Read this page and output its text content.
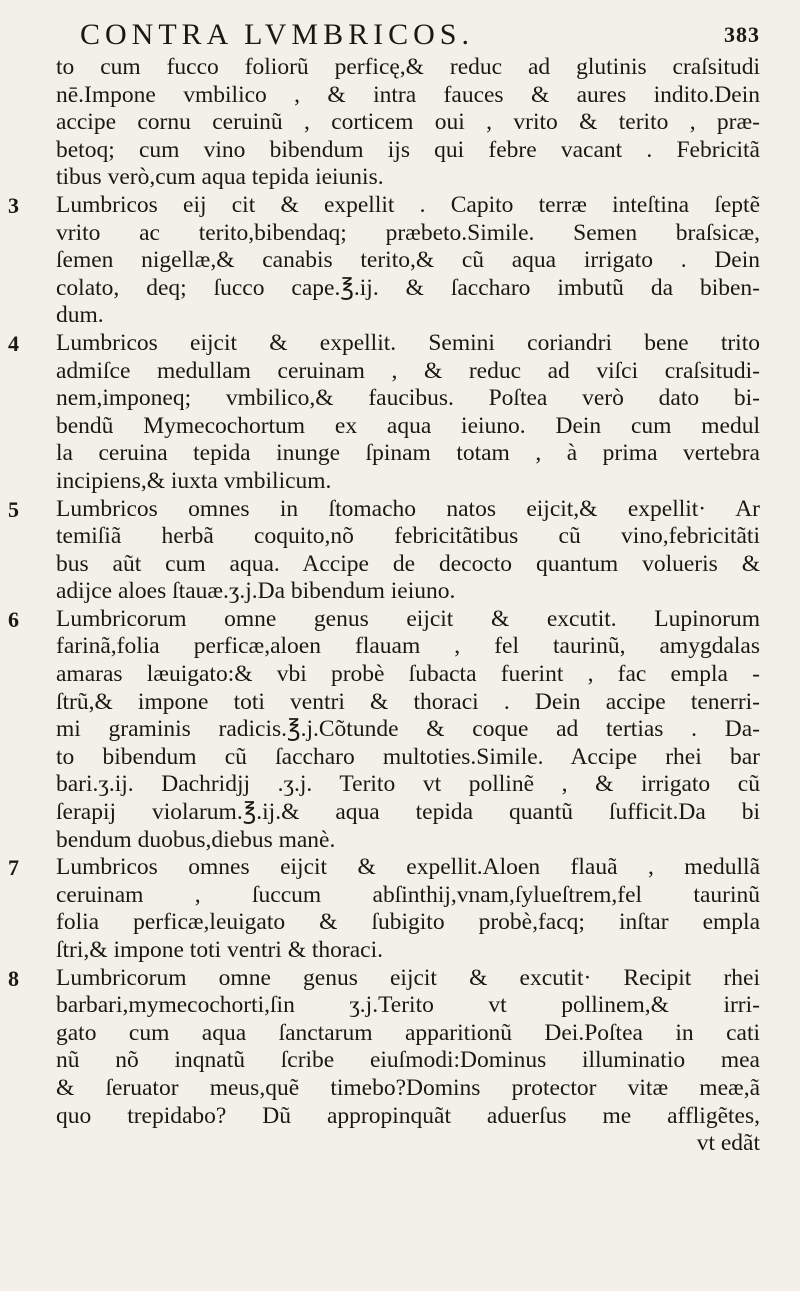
CONTRA LVMBRICOS.	383
to cum fucco foliorũ perficę,& reduc ad glutinis craſsitudi
nē.Impone vmbilico , & intra fauces & aures indito.Dein
accipe cornu ceruinũ , corticem oui , vrito & terito , præ-
betoq; cum vino bibendum ijs qui febre vacant . Febricitã
tibus verò,cum aqua tepida ieiunis.
3	Lumbricos eij cit & expellit . Capito terræ inteſtina ſeptẽ
vrito ac terito,bibendaq; præbeto.Simile. Semen braſsicæ,
ſemen nigellæ,& canabis terito,& cũ aqua irrigato . Dein
colato, deq; ſucco cape.℥.ij. & ſaccharo imbutũ da biben-
dum.
4	Lumbricos eijcit & expellit. Semini coriandri bene trito
admiſce medullam ceruinam , & reduc ad viſci craſsitudi-
nem,imponeq; vmbilico,& faucibus. Poſtea verò dato bi-
bendũ Mymecochortum ex aqua ieiuno. Dein cum medul
la ceruina tepida inunge ſpinam totam , à prima vertebra
incipiens,& iuxta vmbilicum.
5	Lumbricos omnes in ſtomacho natos eijcit,& expellit· Ar
temiſiã herbã coquito,nõ febricitãtibus cũ vino,febricitãti
bus aũt cum aqua. Accipe de decocto quantum volueris &
adijce aloes ſtauæ.ʒ.j.Da bibendum ieiuno.
6	Lumbricorum omne genus eijcit & excutit. Lupinorum
farinã,folia perficæ,aloen flauam , fel taurinũ, amygdalas
amaras læuigato:& vbi probè ſubacta fuerint , fac empla -
ſtrũ,& impone toti ventri & thoraci . Dein accipe tenerri-
mi graminis radicis.℥.j.Cõtunde & coque ad tertias . Da-
to bibendum cũ ſaccharo multoties.Simile. Accipe rhei bar
bari.ʒ.ij. Dachridjj .ʒ.j. Terito vt pollinẽ , & irrigato cũ
ſerapij violarum.℥.ij.& aqua tepida quantũ ſufficit.Da bi
bendum duobus,diebus manè.
7	Lumbricos omnes eijcit & expellit.Aloen flauã , medullã
ceruinam , ſuccum abſinthij,vnam,ſylueſtrem,fel taurinũ
folia perficæ,leuigato & ſubigito probè,facq; inſtar empla
ſtri,& impone toti ventri & thoraci.
8	Lumbricorum omne genus eijcit & excutit· Recipit rhei
barbari,mymecochorti,ſin ʒ.j.Terito vt pollinem,& irri-
gato cum aqua ſanctarum apparitionũ Dei.Poſtea in cati
nũ nõ inqnatũ ſcribe eiuſmodi:Dominus illuminatio mea
& ſeruator meus,quẽ timebo?Domins protector vitæ meæ,ã
quo trepidabo? Dũ appropinquãt aduerſus me affligẽtes,
vt edãt
